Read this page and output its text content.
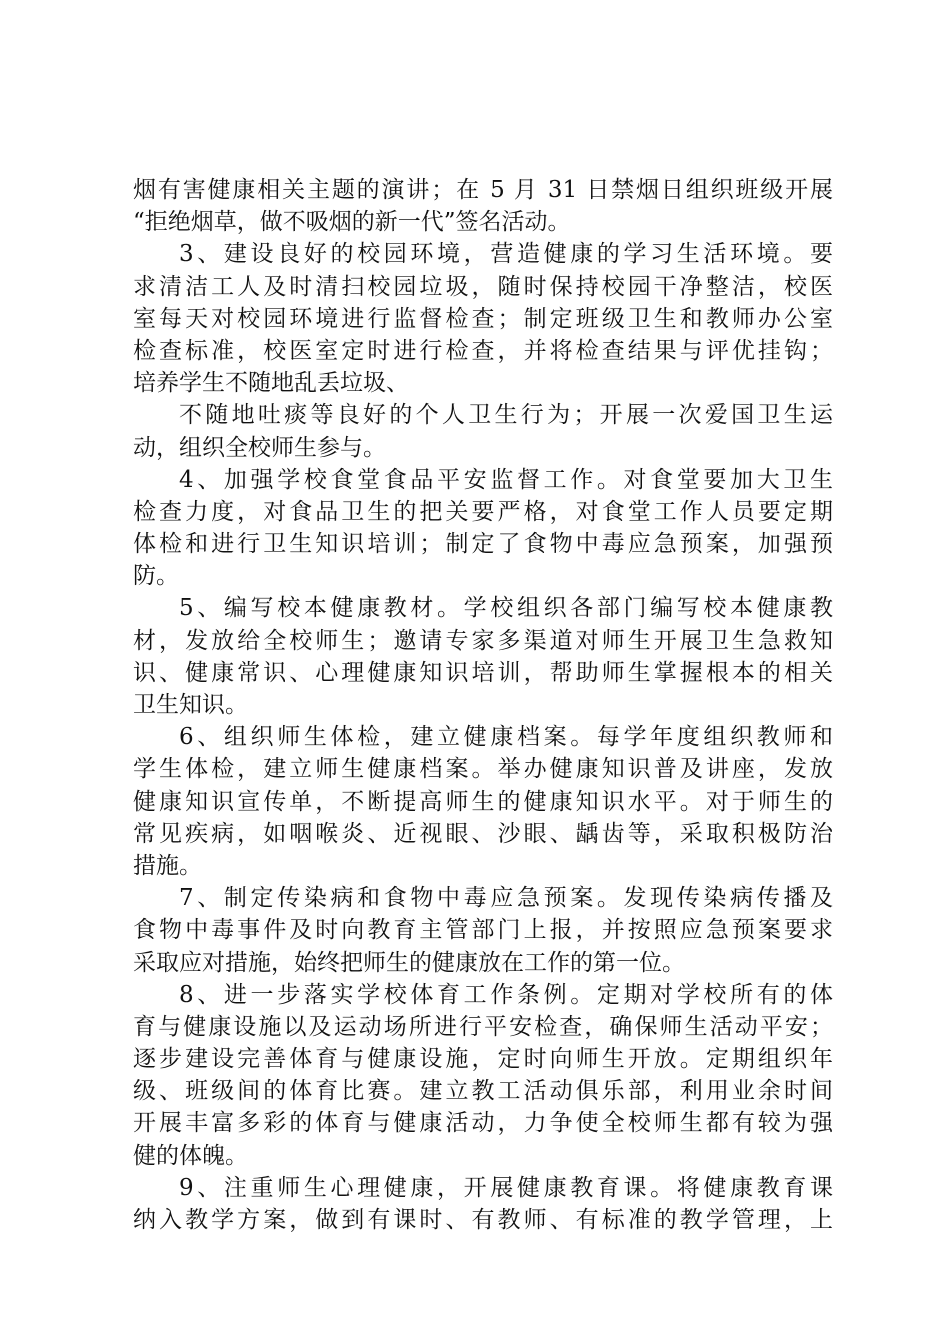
烟有害健康相关主题的演讲；在 5 月 31 日禁烟日组织班级开展
“拒绝烟草，做不吸烟的新一代”签名活动。
3、建设良好的校园环境，营造健康的学习生活环境。要
求清洁工人及时清扫校园垃圾，随时保持校园干净整洁，校医
室每天对校园环境进行监督检查；制定班级卫生和教师办公室
检查标准，校医室定时进行检查，并将检查结果与评优挂钩；
培养学生不随地乱丢垃圾、
不随地吐痰等良好的个人卫生行为；开展一次爱国卫生运
动，组织全校师生参与。
4、加强学校食堂食品平安监督工作。对食堂要加大卫生
检查力度，对食品卫生的把关要严格，对食堂工作人员要定期
体检和进行卫生知识培训；制定了食物中毒应急预案，加强预
防。
5、编写校本健康教材。学校组织各部门编写校本健康教
材，发放给全校师生；邀请专家多渠道对师生开展卫生急救知
识、健康常识、心理健康知识培训，帮助师生掌握根本的相关
卫生知识。
6、组织师生体检，建立健康档案。每学年度组织教师和
学生体检，建立师生健康档案。举办健康知识普及讲座，发放
健康知识宣传单，不断提高师生的健康知识水平。对于师生的
常见疾病，如咽喉炎、近视眼、沙眼、龋齿等，采取积极防治
措施。
7、制定传染病和食物中毒应急预案。发现传染病传播及
食物中毒事件及时向教育主管部门上报，并按照应急预案要求
采取应对措施，始终把师生的健康放在工作的第一位。
8、进一步落实学校体育工作条例。定期对学校所有的体
育与健康设施以及运动场所进行平安检查，确保师生活动平安；
逐步建设完善体育与健康设施，定时向师生开放。定期组织年
级、班级间的体育比赛。建立教工活动俱乐部，利用业余时间
开展丰富多彩的体育与健康活动，力争使全校师生都有较为强
健的体魄。
9、注重师生心理健康，开展健康教育课。将健康教育课
纳入教学方案，做到有课时、有教师、有标准的教学管理，上
